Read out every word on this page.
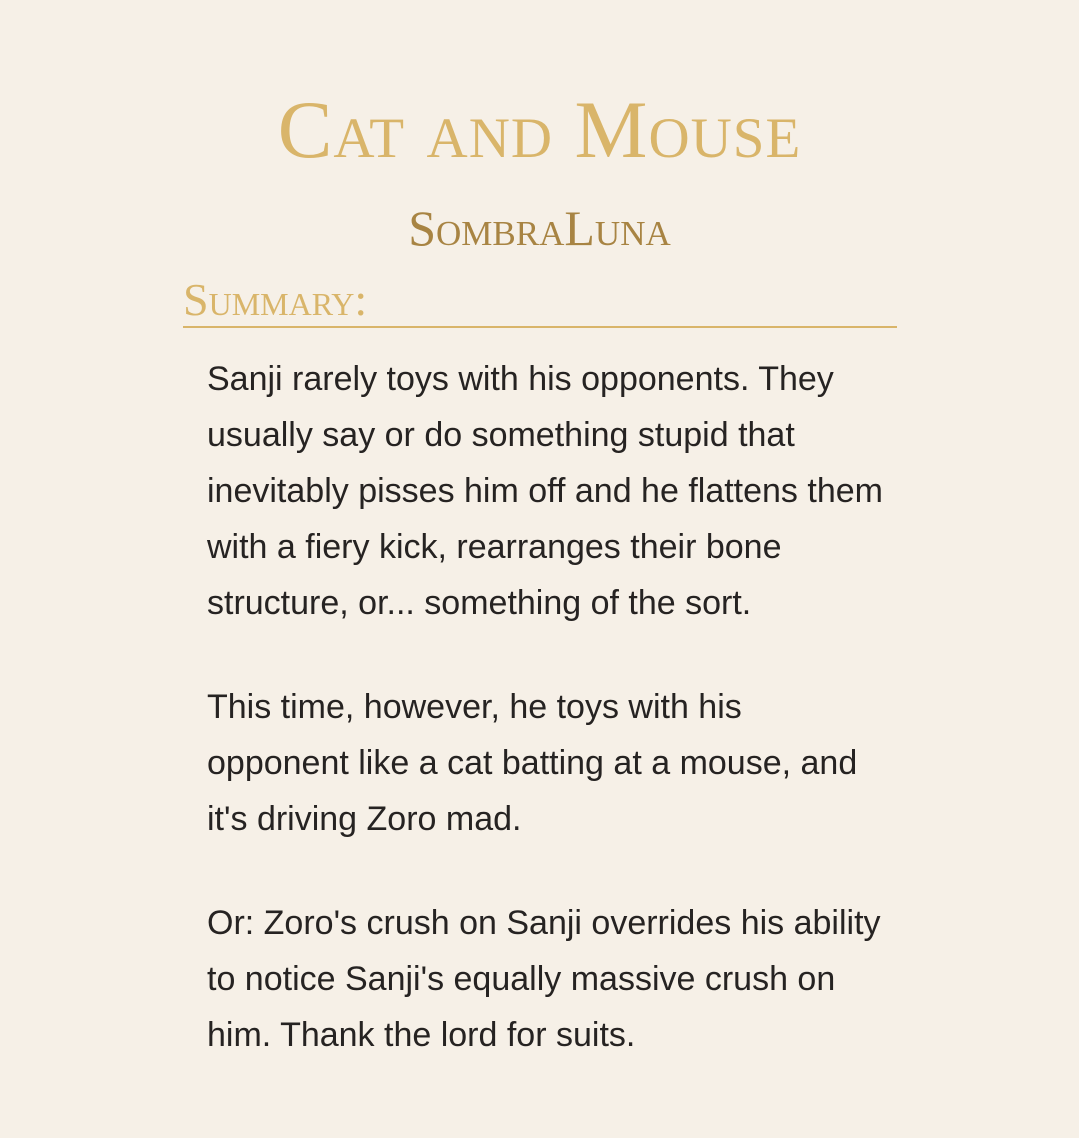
Cat and Mouse
SombraLuna
Summary:

Sanji rarely toys with his opponents. They usually say or do something stupid that inevitably pisses him off and he flattens them with a fiery kick, rearranges their bone structure, or... something of the sort.

This time, however, he toys with his opponent like a cat batting at a mouse, and it's driving Zoro mad.

Or: Zoro's crush on Sanji overrides his ability to notice Sanji's equally massive crush on him. Thank the lord for suits.
